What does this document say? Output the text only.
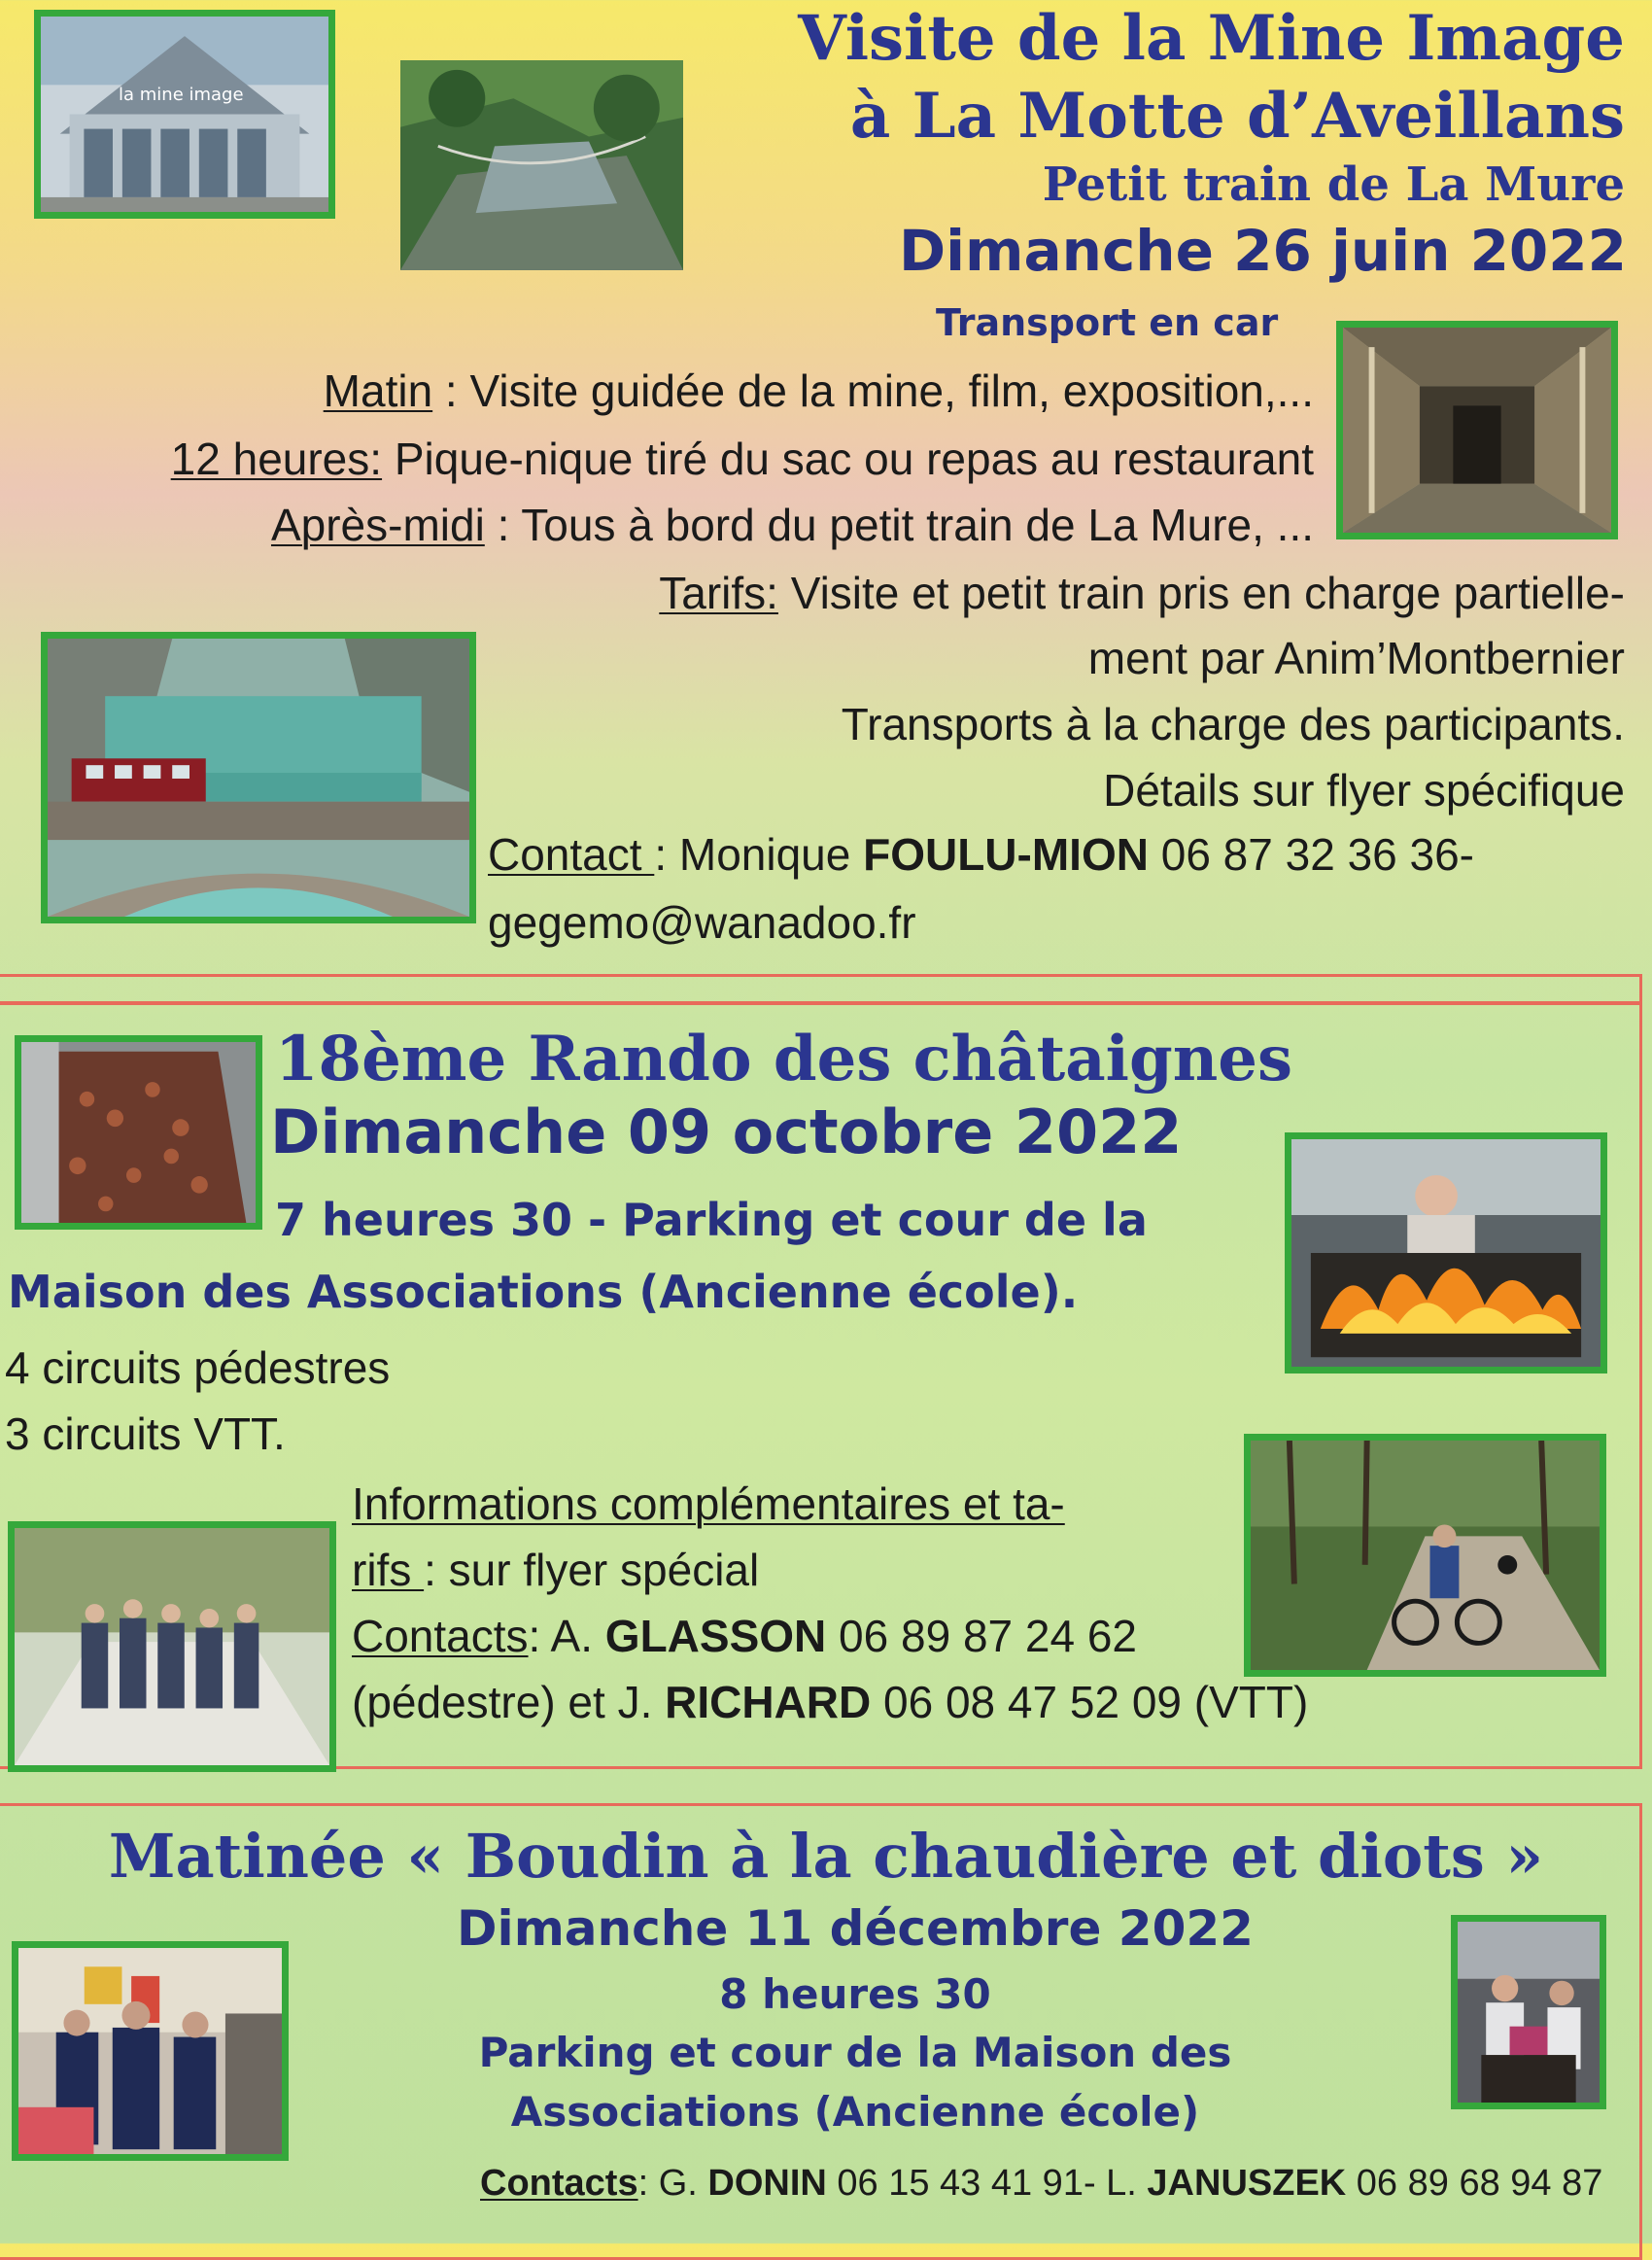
la mine image
Visite de la Mine Image
à La Motte d’Aveillans
Petit train de La Mure
Dimanche 26 juin 2022
Transport en car
Matin : Visite guidée de la mine, film, exposition,...
12 heures: Pique-nique tiré du sac ou repas au restaurant
Après-midi : Tous à bord du petit train de La Mure, ...
Tarifs: Visite et petit train pris en charge partielle-
ment par Anim’Montbernier
Transports à la charge des participants.
Détails sur flyer spécifique
Contact : Monique FOULU-MION 06 87 32 36 36-
gegemo@wanadoo.fr
18ème Rando des châtaignes
Dimanche 09 octobre 2022
7 heures 30 - Parking et cour de la
Maison des Associations (Ancienne école).
4 circuits pédestres
3 circuits VTT.
Informations complémentaires et ta-
rifs : sur flyer spécial
Contacts: A. GLASSON 06 89 87 24 62
(pédestre) et J. RICHARD 06 08 47 52 09 (VTT)
Matinée « Boudin à la chaudière et diots »
Dimanche 11 décembre 2022
8 heures 30
Parking et cour de la Maison des
Associations (Ancienne école)
Contacts: G. DONIN 06 15 43 41 91- L. JANUSZEK 06 89 68 94 87
